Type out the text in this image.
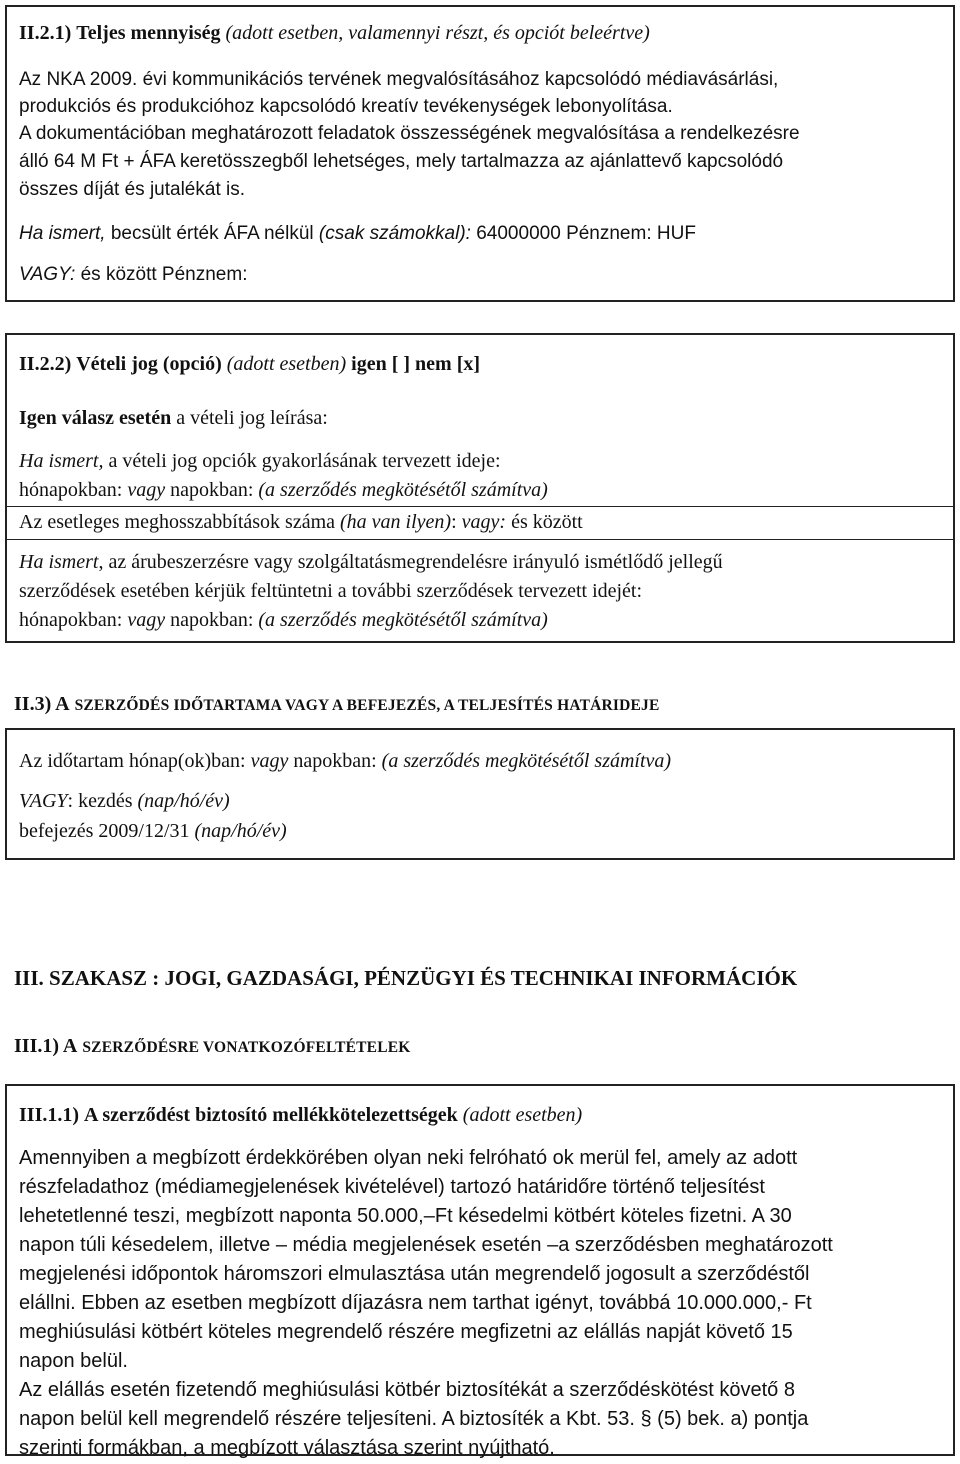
II.2.1) Teljes mennyiség (adott esetben, valamennyi részt, és opciót beleértve)
Az NKA 2009. évi kommunikációs tervének megvalósításához kapcsolódó médiavásárlási,
produkciós és produkcióhoz kapcsolódó kreatív tevékenységek lebonyolítása.
A dokumentációban meghatározott feladatok összességének megvalósítása a rendelkezésre
álló 64 M Ft + ÁFA keretösszegből lehetséges, mely tartalmazza az ajánlattevő kapcsolódó
összes díját és jutalékát is.
Ha ismert, becsült érték ÁFA nélkül (csak számokkal): 64000000 Pénznem: HUF
VAGY: és között Pénznem:
II.2.2) Vételi jog (opció) (adott esetben) igen [ ] nem [x]
Igen válasz esetén a vételi jog leírása:
Ha ismert, a vételi jog opciók gyakorlásának tervezett ideje:
hónapokban: vagy napokban: (a szerződés megkötésétől számítva)
Az esetleges meghosszabbítások száma (ha van ilyen): vagy: és között
Ha ismert, az árubeszerzésre vagy szolgáltatásmegrendelésre irányuló ismétlődő jellegű
szerződések esetében kérjük feltüntetni a további szerződések tervezett idejét:
hónapokban: vagy napokban: (a szerződés megkötésétől számítva)
II.3) A SZERZŐDÉS IDŐTARTAMA VAGY A BEFEJEZÉS, A TELJESÍTÉS HATÁRIDEJE
Az időtartam hónap(ok)ban: vagy napokban: (a szerződés megkötésétől számítva)
VAGY: kezdés (nap/hó/év)
befejezés 2009/12/31 (nap/hó/év)
III. SZAKASZ : JOGI, GAZDASÁGI, PÉNZÜGYI ÉS TECHNIKAI INFORMÁCIÓK
III.1) A SZERZŐDÉSRE VONATKOZÓFELTÉTELEK
III.1.1) A szerződést biztosító mellékkötelezettségek (adott esetben)
Amennyiben a megbízott érdekkörében olyan neki felróható ok merül fel, amely az adott
részfeladathoz (médiamegjelenések kivételével) tartozó határidőre történő teljesítést
lehetetlenné teszi, megbízott naponta 50.000,–Ft késedelmi kötbért köteles fizetni. A 30
napon túli késedelem, illetve – média megjelenések esetén –a szerződésben meghatározott
megjelenési időpontok háromszori elmulasztása után megrendelő jogosult a szerződéstől
elállni. Ebben az esetben megbízott díjazásra nem tarthat igényt, továbbá 10.000.000,- Ft
meghiúsulási kötbért köteles megrendelő részére megfizetni az elállás napját követő 15
napon belül.
Az elállás esetén fizetendő meghiúsulási kötbér biztosítékát a szerződéskötést követő 8
napon belül kell megrendelő részére teljesíteni. A biztosíték a Kbt. 53. § (5) bek. a) pontja
szerinti formákban, a megbízott választása szerint nyújtható.
